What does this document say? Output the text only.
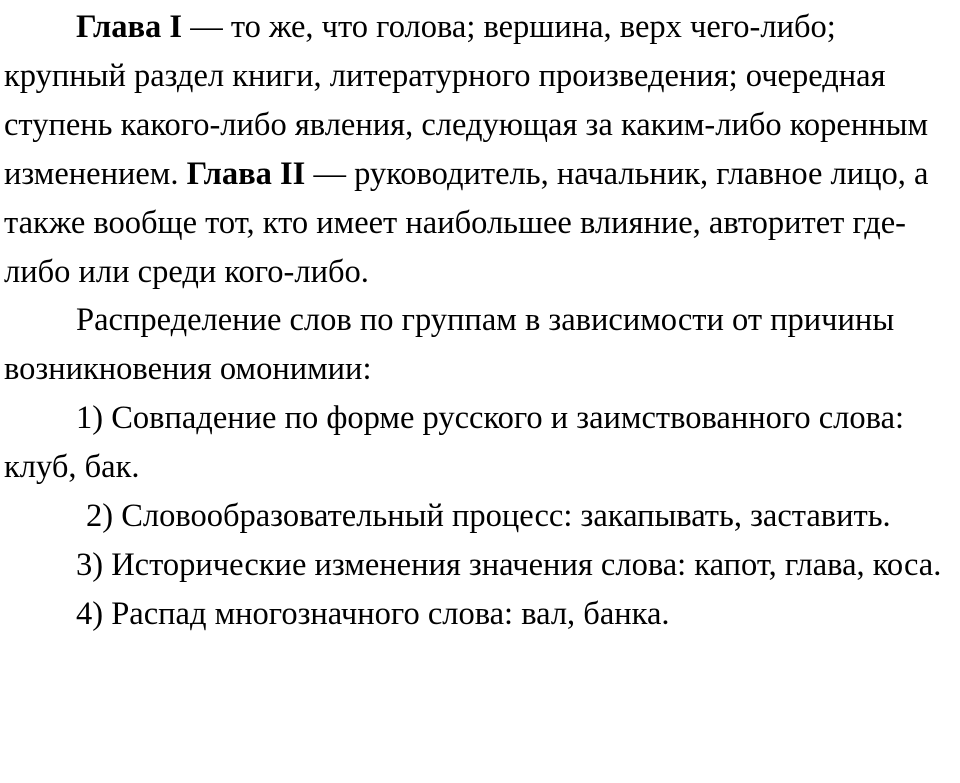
Глава I — то же, что голова; вершина, верх чего-либо; крупный раздел книги, литературного произведения; очередная ступень какого-либо явления, следующая за каким-либо коренным изменением. Глава II — руководитель, начальник, главное лицо, а также вообще тот, кто имеет наибольшее влияние, авторитет где-либо или среди кого-либо.

Распределение слов по группам в зависимости от причины возникновения омонимии:

1) Совпадение по форме русского и заимствованного слова: клуб, бак.

2) Словообразовательный процесс: закапывать, заставить.

3) Исторические изменения значения слова: капот, глава, коса.

4) Распад многозначного слова: вал, банка.
